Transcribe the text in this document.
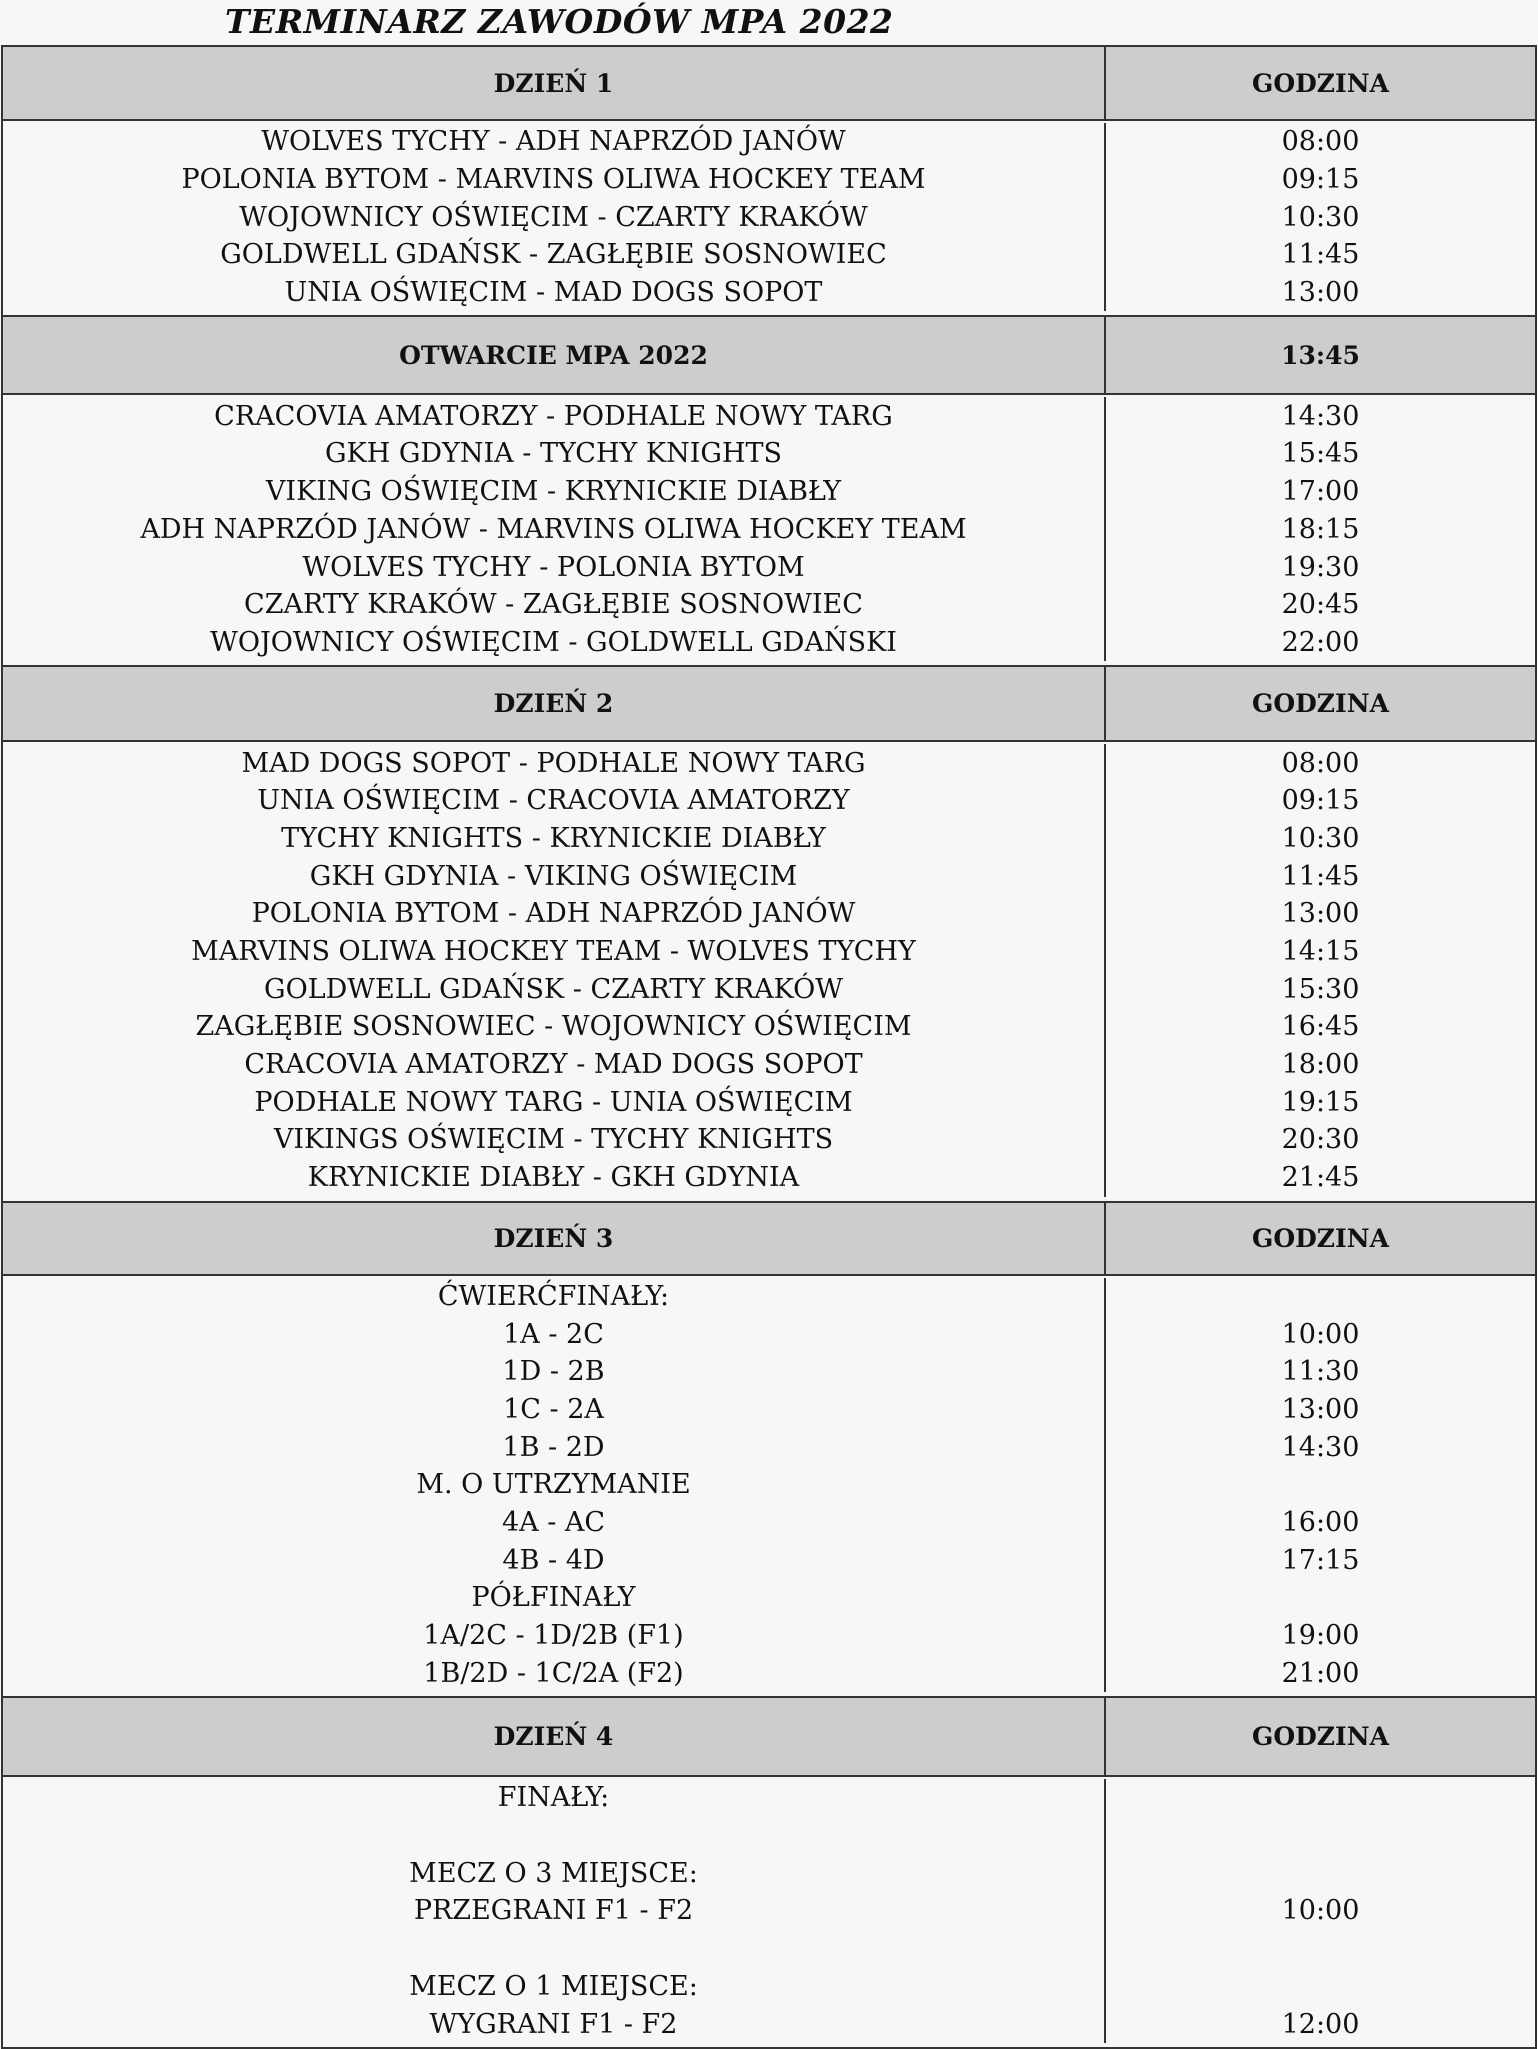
TERMINARZ ZAWODÓW MPA 2022
DZIEŃ 1	GODZINA
WOLVES TYCHY - ADH NAPRZÓD JANÓW	08:00
POLONIA BYTOM - MARVINS OLIWA HOCKEY TEAM	09:15
WOJOWNICY OŚWIĘCIM - CZARTY KRAKÓW	10:30
GOLDWELL GDAŃSK - ZAGŁĘBIE SOSNOWIEC	11:45
UNIA OŚWIĘCIM - MAD DOGS SOPOT	13:00
OTWARCIE MPA 2022	13:45
CRACOVIA AMATORZY - PODHALE NOWY TARG	14:30
GKH GDYNIA - TYCHY KNIGHTS	15:45
VIKING OŚWIĘCIM - KRYNICKIE DIABŁY	17:00
ADH NAPRZÓD JANÓW - MARVINS OLIWA HOCKEY TEAM	18:15
WOLVES TYCHY - POLONIA BYTOM	19:30
CZARTY KRAKÓW - ZAGŁĘBIE SOSNOWIEC	20:45
WOJOWNICY OŚWIĘCIM - GOLDWELL GDAŃSKI	22:00
DZIEŃ 2	GODZINA
MAD DOGS SOPOT - PODHALE NOWY TARG	08:00
UNIA OŚWIĘCIM - CRACOVIA AMATORZY	09:15
TYCHY KNIGHTS - KRYNICKIE DIABŁY	10:30
GKH GDYNIA - VIKING OŚWIĘCIM	11:45
POLONIA BYTOM - ADH NAPRZÓD JANÓW	13:00
MARVINS OLIWA HOCKEY TEAM - WOLVES TYCHY	14:15
GOLDWELL GDAŃSK - CZARTY KRAKÓW	15:30
ZAGŁĘBIE SOSNOWIEC - WOJOWNICY OŚWIĘCIM	16:45
CRACOVIA AMATORZY - MAD DOGS SOPOT	18:00
PODHALE NOWY TARG - UNIA OŚWIĘCIM	19:15
VIKINGS OŚWIĘCIM - TYCHY KNIGHTS	20:30
KRYNICKIE DIABŁY - GKH GDYNIA	21:45
DZIEŃ 3	GODZINA
ĆWIERĆFINAŁY:
1A - 2C	10:00
1D - 2B	11:30
1C - 2A	13:00
1B - 2D	14:30
M. O UTRZYMANIE
4A - AC	16:00
4B - 4D	17:15
PÓŁFINAŁY
1A/2C - 1D/2B (F1)	19:00
1B/2D - 1C/2A (F2)	21:00
DZIEŃ 4	GODZINA
FINAŁY:
MECZ O 3 MIEJSCE:
PRZEGRANI F1 - F2	10:00
MECZ O 1 MIEJSCE:
WYGRANI F1 - F2	12:00
